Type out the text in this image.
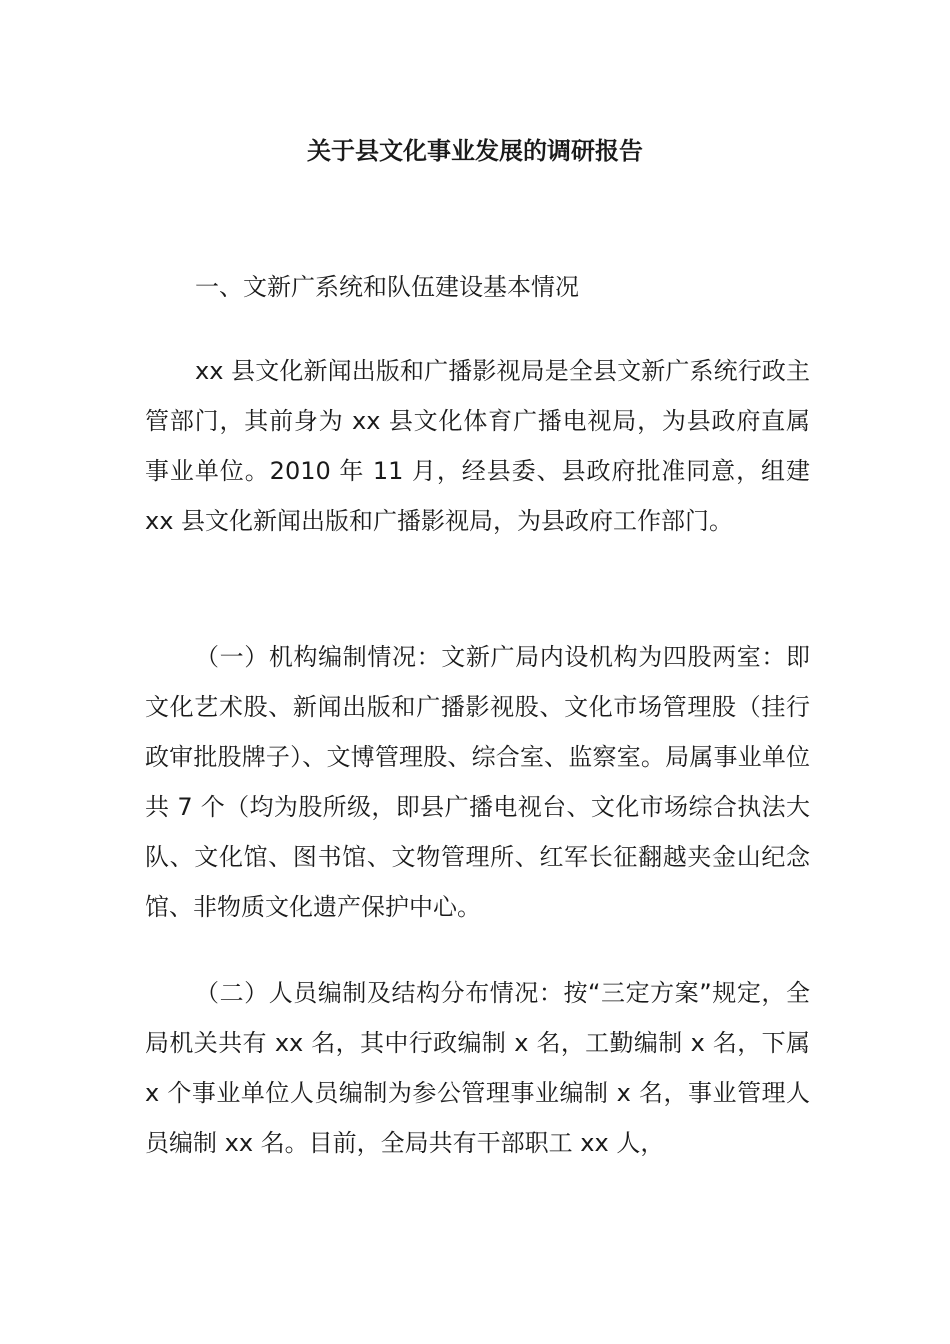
关于县文化事业发展的调研报告

一、文新广系统和队伍建设基本情况

xx 县文化新闻出版和广播影视局是全县文新广系统行政主管部门，其前身为 xx 县文化体育广播电视局，为县政府直属事业单位。2010 年 11 月，经县委、县政府批准同意，组建 xx 县文化新闻出版和广播影视局，为县政府工作部门。

（一）机构编制情况：文新广局内设机构为四股两室：即文化艺术股、新闻出版和广播影视股、文化市场管理股（挂行政审批股牌子）、文博管理股、综合室、监察室。局属事业单位共 7 个（均为股所级，即县广播电视台、文化市场综合执法大队、文化馆、图书馆、文物管理所、红军长征翻越夹金山纪念馆、非物质文化遗产保护中心。

（二）人员编制及结构分布情况：按“三定方案”规定，全局机关共有 xx 名，其中行政编制 x 名，工勤编制 x 名，下属 x 个事业单位人员编制为参公管理事业编制 x 名，事业管理人员编制 xx 名。目前，全局共有干部职工 xx 人，
